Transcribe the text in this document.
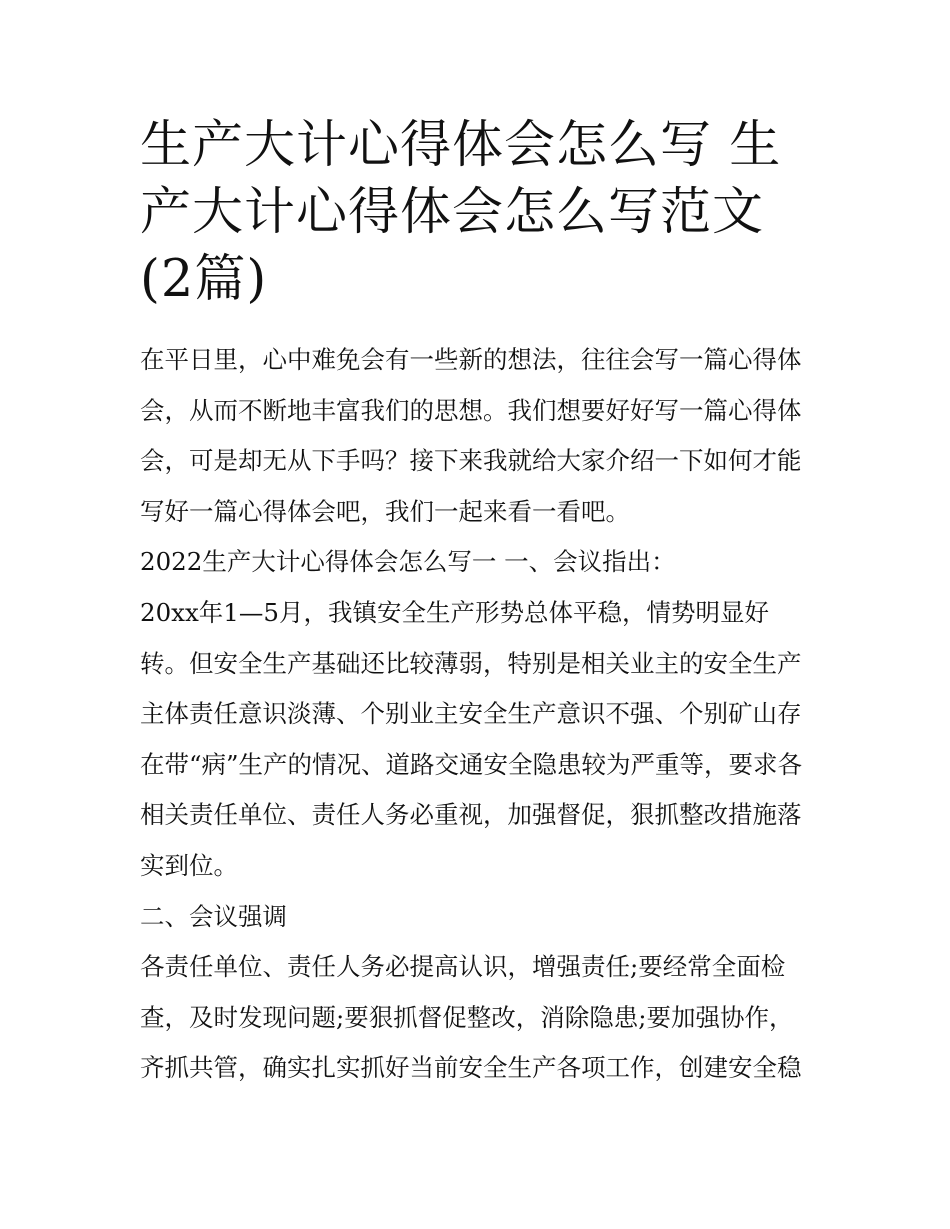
生产大计心得体会怎么写 生产大计心得体会怎么写范文(2篇)

在平日里，心中难免会有一些新的想法，往往会写一篇心得体会，从而不断地丰富我们的思想。我们想要好好写一篇心得体会，可是却无从下手吗？接下来我就给大家介绍一下如何才能写好一篇心得体会吧，我们一起来看一看吧。

2022生产大计心得体会怎么写一 一、会议指出：

20xx年1—5月，我镇安全生产形势总体平稳，情势明显好转。但安全生产基础还比较薄弱，特别是相关业主的安全生产主体责任意识淡薄、个别业主安全生产意识不强、个别矿山存在带“病”生产的情况、道路交通安全隐患较为严重等，要求各相关责任单位、责任人务必重视，加强督促，狠抓整改措施落实到位。

二、会议强调

各责任单位、责任人务必提高认识，增强责任;要经常全面检查，及时发现问题;要狠抓督促整改，消除隐患;要加强协作，齐抓共管，确实扎实抓好当前安全生产各项工作，创建安全稳
